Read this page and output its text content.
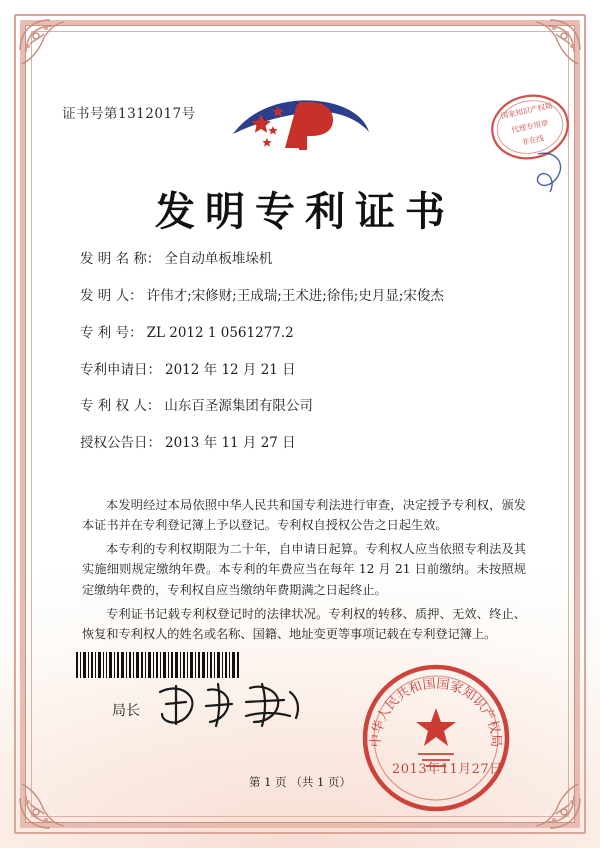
证书号第1312017号	国家知识产权局
代理专用章
非在线
发明专利证书
发 明 名 称： 全自动单板堆垛机
发 明 人： 许伟才;宋修财;王成瑞;王术进;徐伟;史月显;宋俊杰
专 利 号： ZL 2012 1 0561277.2
专利申请日： 2012 年 12 月 21 日
专 利 权 人： 山东百圣源集团有限公司
授权公告日： 2013 年 11 月 27 日

本发明经过本局依照中华人民共和国专利法进行审查，决定授予专利权，颁发本证书并在专利登记簿上予以登记。专利权自授权公告之日起生效。

本专利的专利权期限为二十年，自申请日起算。专利权人应当依照专利法及其实施细则规定缴纳年费。本专利的年费应当在每年 12 月 21 日前缴纳。未按照规定缴纳年费的，专利权自应当缴纳年费期满之日起终止。

专利证书记载专利权登记时的法律状况。专利权的转移、质押、无效、终止、恢复和专利权人的姓名或名称、国籍、地址变更等事项记载在专利登记簿上。

局长
中华人民共和国国家知识产权局
2013年11月27日
第 1 页 （共 1 页）
